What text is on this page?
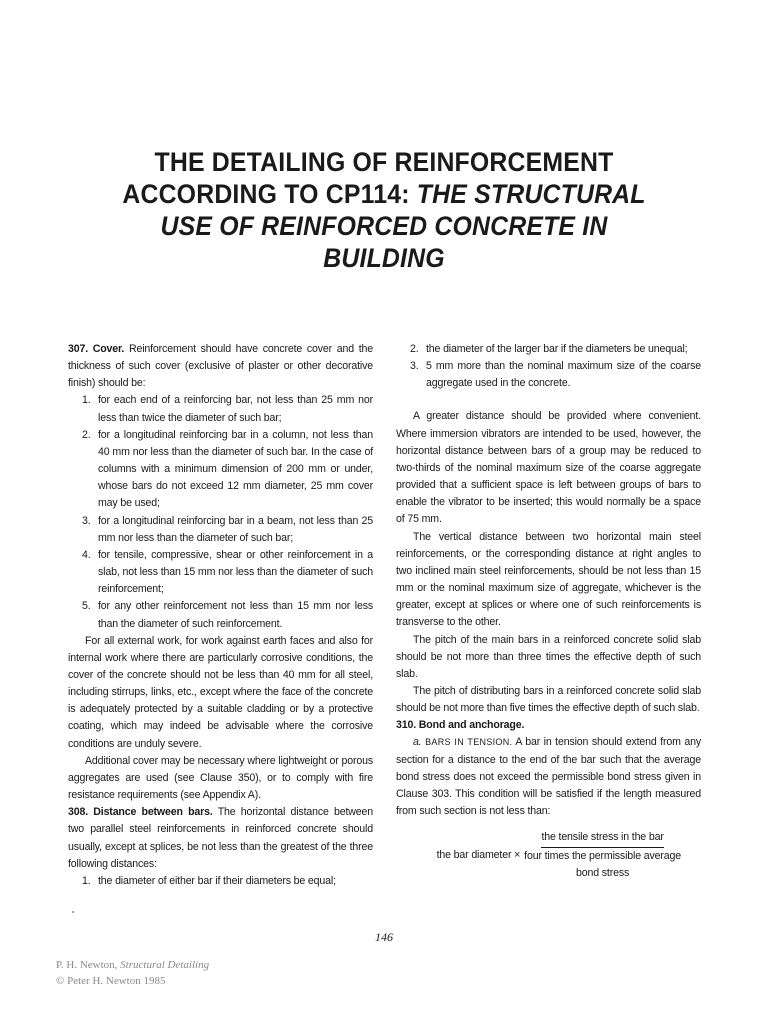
THE DETAILING OF REINFORCEMENT
ACCORDING TO CP114: THE STRUCTURAL
USE OF REINFORCED CONCRETE IN
BUILDING

307. Cover. Reinforcement should have concrete cover and the thickness of such cover (exclusive of plaster or other decorative finish) should be:

1. for each end of a reinforcing bar, not less than 25 mm nor less than twice the diameter of such bar;
2. for a longitudinal reinforcing bar in a column, not less than 40 mm nor less than the diameter of such bar. In the case of columns with a minimum dimension of 200 mm or under, whose bars do not exceed 12 mm diameter, 25 mm cover may be used;
3. for a longitudinal reinforcing bar in a beam, not less than 25 mm nor less than the diameter of such bar;
4. for tensile, compressive, shear or other reinforcement in a slab, not less than 15 mm nor less than the diameter of such reinforcement;
5. for any other reinforcement not less than 15 mm nor less than the diameter of such reinforcement.

For all external work, for work against earth faces and also for internal work where there are particularly corrosive conditions, the cover of the concrete should not be less than 40 mm for all steel, including stirrups, links, etc., except where the face of the concrete is adequately protected by a suitable cladding or by a protective coating, which may indeed be advisable where the corrosive conditions are unduly severe.

Additional cover may be necessary where lightweight or porous aggregates are used (see Clause 350), or to comply with fire resistance requirements (see Appendix A).

308. Distance between bars. The horizontal distance between two parallel steel reinforcements in reinforced concrete should usually, except at splices, be not less than the greatest of the three following distances:

1. the diameter of either bar if their diameters be equal;
2. the diameter of the larger bar if the diameters be unequal;
3. 5 mm more than the nominal maximum size of the coarse aggregate used in the concrete.

A greater distance should be provided where convenient. Where immersion vibrators are intended to be used, however, the horizontal distance between bars of a group may be reduced to two-thirds of the nominal maximum size of the coarse aggregate provided that a sufficient space is left between groups of bars to enable the vibrator to be inserted; this would normally be a space of 75 mm.

The vertical distance between two horizontal main steel reinforcements, or the corresponding distance at right angles to two inclined main steel reinforcements, should be not less than 15 mm or the nominal maximum size of aggregate, whichever is the greater, except at splices or where one of such reinforcements is transverse to the other.

The pitch of the main bars in a reinforced concrete solid slab should be not more than three times the effective depth of such slab.

The pitch of distributing bars in a reinforced concrete solid slab should be not more than five times the effective depth of such slab.

310. Bond and anchorage.

a. BARS IN TENSION. A bar in tension should extend from any section for a distance to the end of the bar such that the average bond stress does not exceed the permissible bond stress given in Clause 303. This condition will be satisfied if the length measured from such section is not less than:

the bar diameter ×
the tensile stress in the bar
four times the permissible average
bond stress
146
P. H. Newton, Structural Detailing
© Peter H. Newton 1985
